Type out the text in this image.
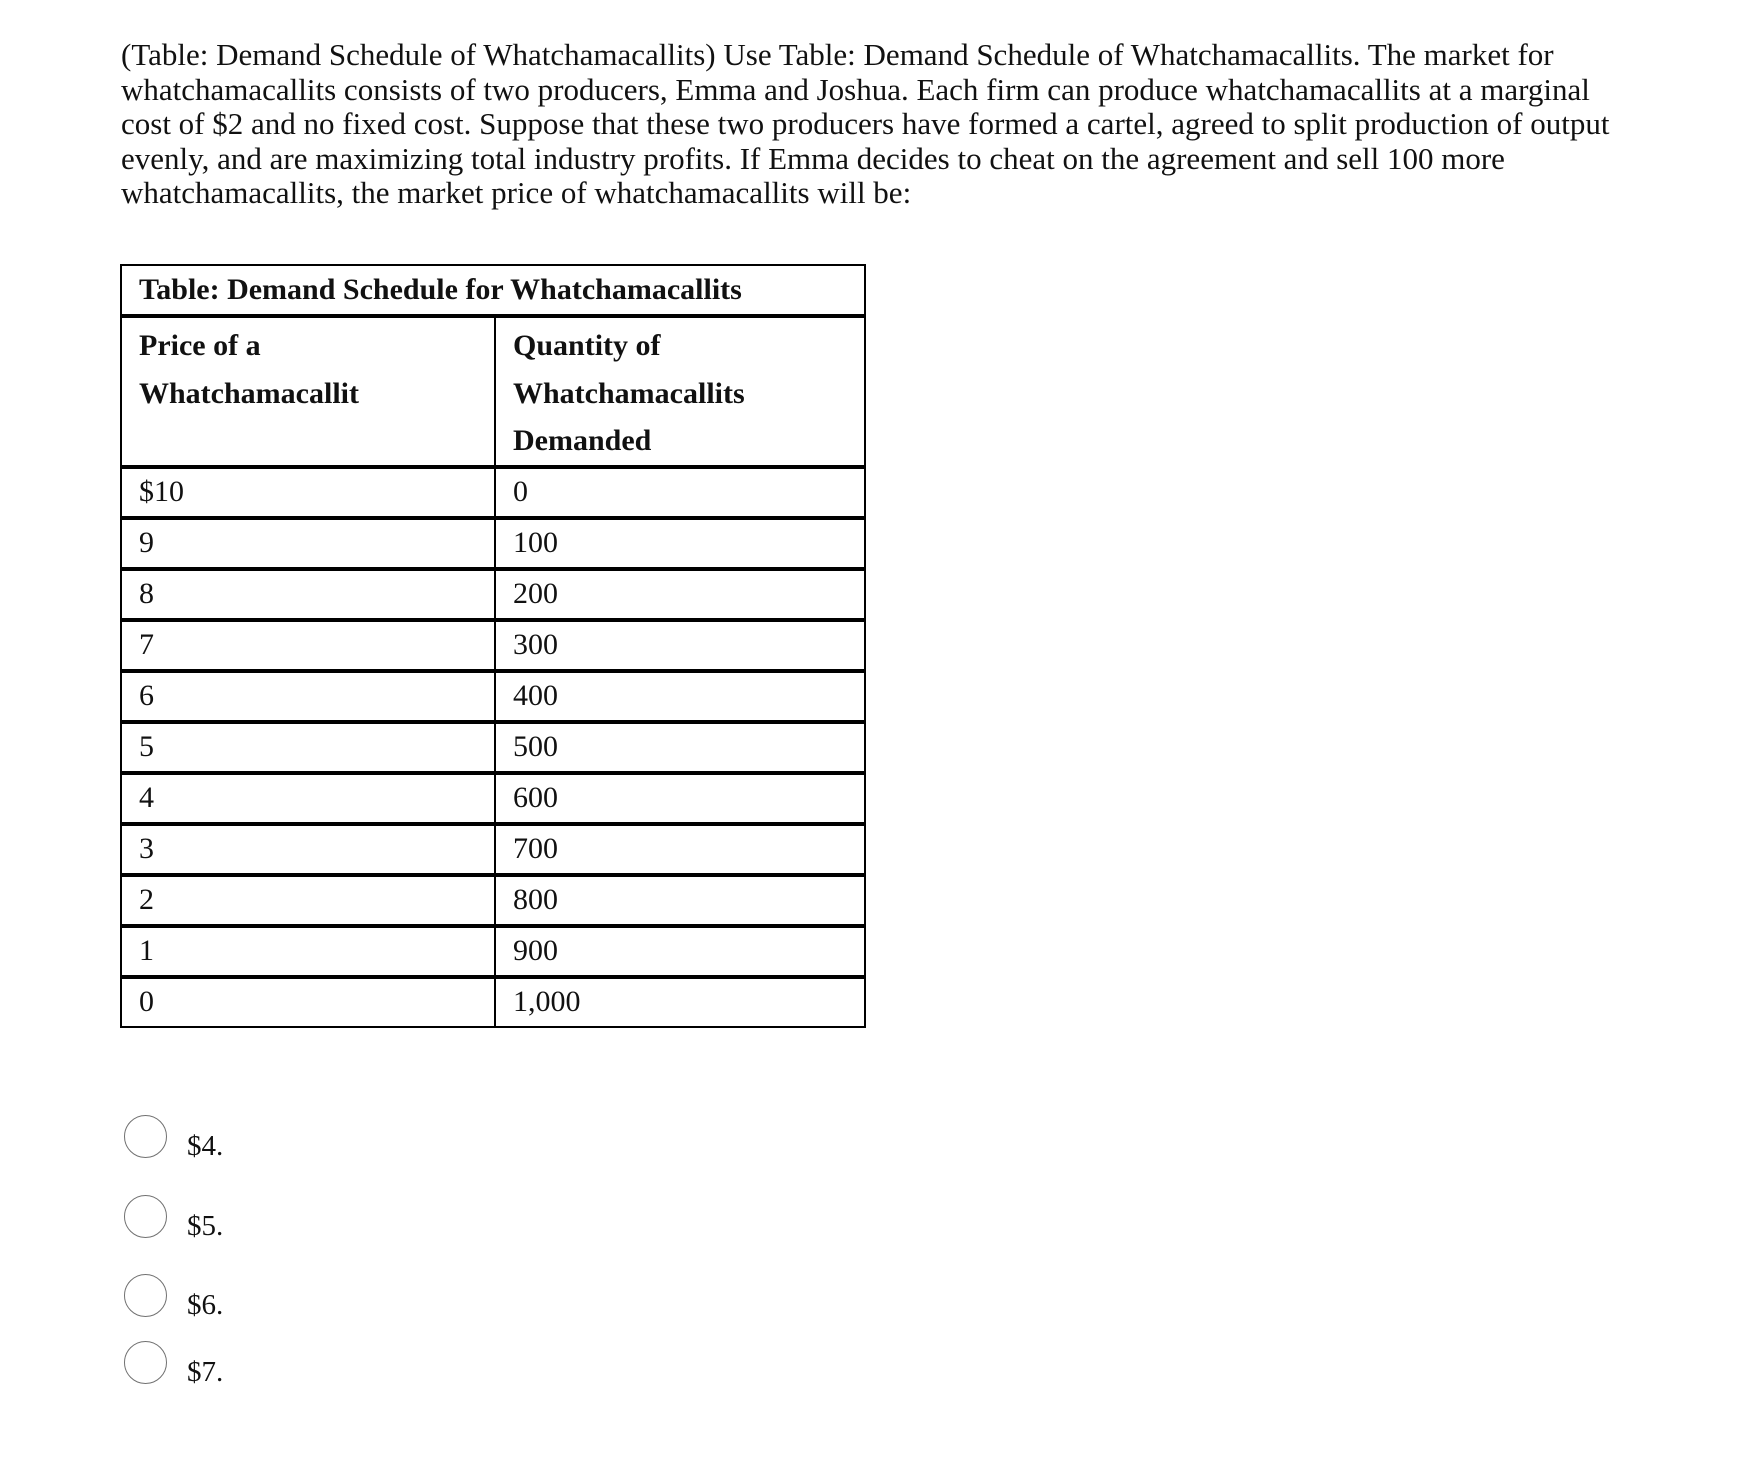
(Table: Demand Schedule of Whatchamacallits) Use Table: Demand Schedule of Whatchamacallits. The market for whatchamacallits consists of two producers, Emma and Joshua. Each firm can produce whatchamacallits at a marginal cost of $2 and no fixed cost. Suppose that these two producers have formed a cartel, agreed to split production of output evenly, and are maximizing total industry profits. If Emma decides to cheat on the agreement and sell 100 more whatchamacallits, the market price of whatchamacallits will be:

Table: Demand Schedule for Whatchamacallits	

Price of a
Whatchamacallit	Quantity of
Whatchamacallits
Demanded

$10	0
9	100
8	200
7	300
6	400
5	500
4	600
3	700
2	800
1	900
0	1,000
$4.
$5.
$6.
$7.
